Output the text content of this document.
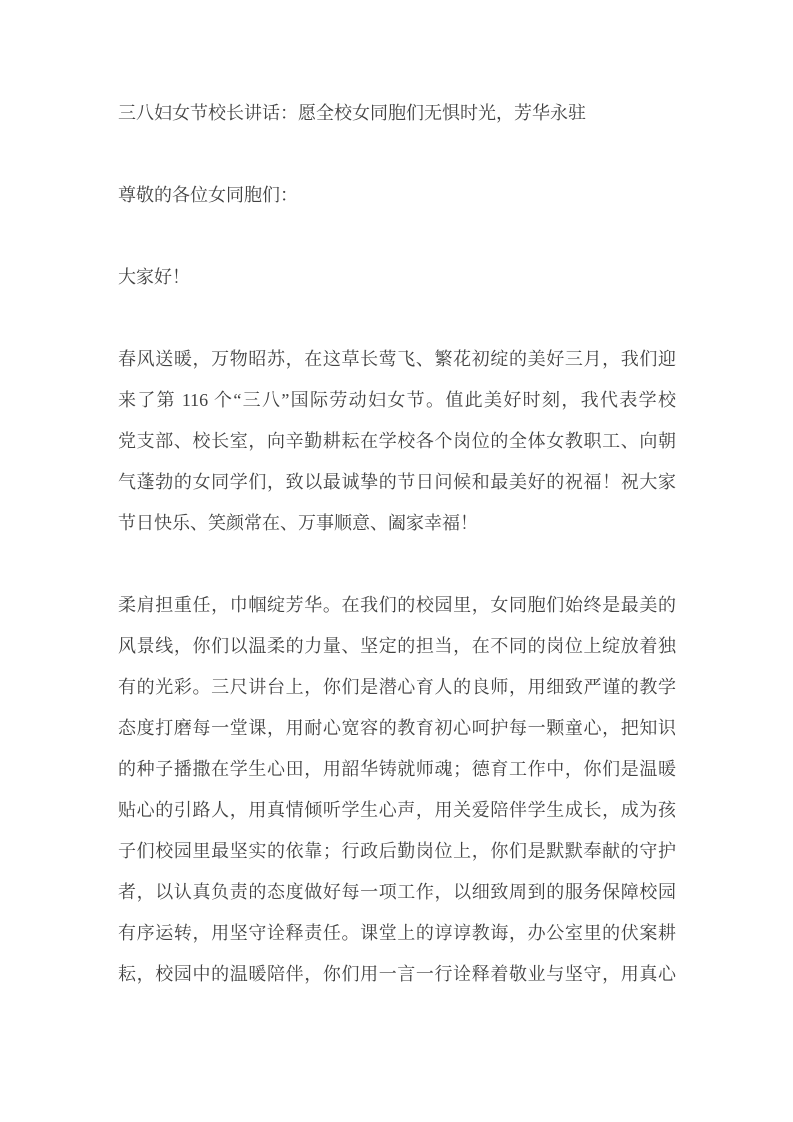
三八妇女节校长讲话：愿全校女同胞们无惧时光，芳华永驻
尊敬的各位女同胞们：
大家好！
春风送暖，万物昭苏，在这草长莺飞、繁花初绽的美好三月，我们迎
来了第 116 个“三八”国际劳动妇女节。值此美好时刻，我代表学校
党支部、校长室，向辛勤耕耘在学校各个岗位的全体女教职工、向朝
气蓬勃的女同学们，致以最诚挚的节日问候和最美好的祝福！祝大家
节日快乐、笑颜常在、万事顺意、阖家幸福！
柔肩担重任，巾帼绽芳华。在我们的校园里，女同胞们始终是最美的
风景线，你们以温柔的力量、坚定的担当，在不同的岗位上绽放着独
有的光彩。三尺讲台上，你们是潜心育人的良师，用细致严谨的教学
态度打磨每一堂课，用耐心宽容的教育初心呵护每一颗童心，把知识
的种子播撒在学生心田，用韶华铸就师魂；德育工作中，你们是温暖
贴心的引路人，用真情倾听学生心声，用关爱陪伴学生成长，成为孩
子们校园里最坚实的依靠；行政后勤岗位上，你们是默默奉献的守护
者，以认真负责的态度做好每一项工作，以细致周到的服务保障校园
有序运转，用坚守诠释责任。课堂上的谆谆教诲，办公室里的伏案耕
耘，校园中的温暖陪伴，你们用一言一行诠释着敬业与坚守，用真心
